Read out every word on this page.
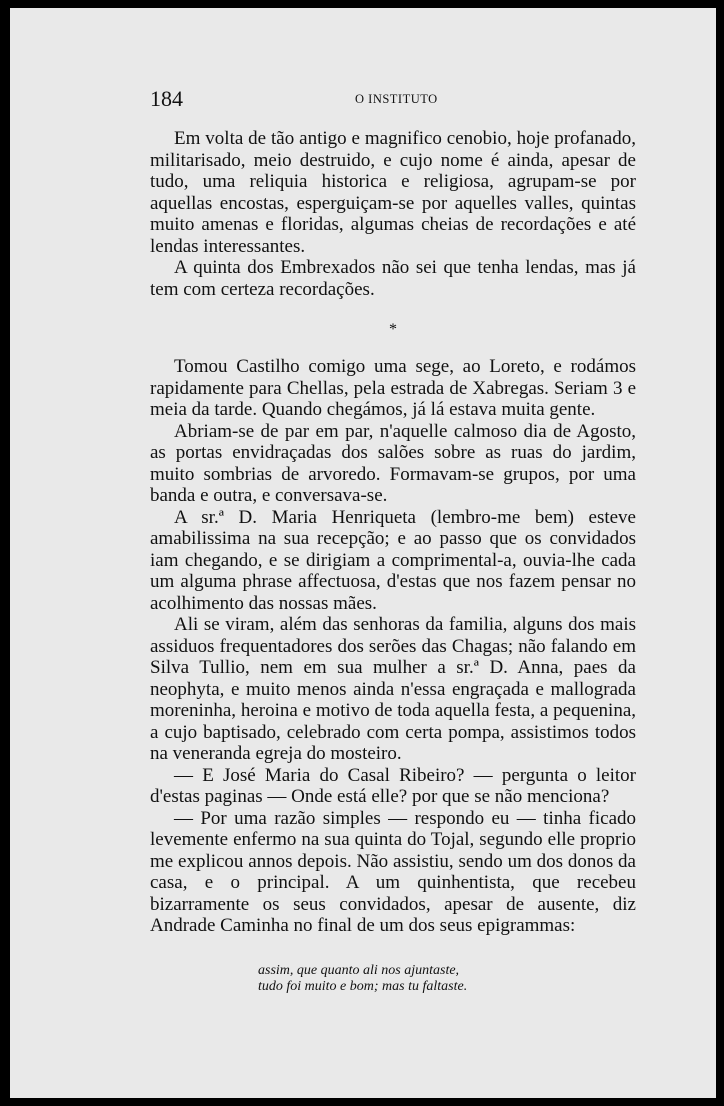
184	O INSTITUTO

Em volta de tão antigo e magnifico cenobio, hoje profanado, militarisado, meio destruido, e cujo nome é ainda, apesar de tudo, uma reliquia historica e religiosa, agrupam-se por aquellas encostas, esperguiçam-se por aquelles valles, quintas muito amenas e floridas, algumas cheias de recordações e até lendas interessantes.

A quinta dos Embrexados não sei que tenha lendas, mas já tem com certeza recordações.

*

Tomou Castilho comigo uma sege, ao Loreto, e rodámos rapidamente para Chellas, pela estrada de Xabregas. Seriam 3 e meia da tarde. Quando chegámos, já lá estava muita gente.

Abriam-se de par em par, n'aquelle calmoso dia de Agosto, as portas envidraçadas dos salões sobre as ruas do jardim, muito sombrias de arvoredo. Formavam-se grupos, por uma banda e outra, e conversava-se.

A sr.ª D. Maria Henriqueta (lembro-me bem) esteve amabilissima na sua recepção; e ao passo que os convidados iam chegando, e se dirigiam a comprimental-a, ouvia-lhe cada um alguma phrase affectuosa, d'estas que nos fazem pensar no acolhimento das nossas mães.

Ali se viram, além das senhoras da familia, alguns dos mais assiduos frequentadores dos serões das Chagas; não falando em Silva Tullio, nem em sua mulher a sr.ª D. Anna, paes da neophyta, e muito menos ainda n'essa engraçada e mallograda moreninha, heroina e motivo de toda aquella festa, a pequenina, a cujo baptisado, celebrado com certa pompa, assistimos todos na veneranda egreja do mosteiro.

— E José Maria do Casal Ribeiro? — pergunta o leitor d'estas paginas — Onde está elle? por que se não menciona?

— Por uma razão simples — respondo eu — tinha ficado levemente enfermo na sua quinta do Tojal, segundo elle proprio me explicou annos depois. Não assistiu, sendo um dos donos da casa, e o principal. A um quinhentista, que recebeu bizarramente os seus convidados, apesar de ausente, diz Andrade Caminha no final de um dos seus epigrammas:

assim, que quanto ali nos ajuntaste,
tudo foi muito e bom; mas tu faltaste.
